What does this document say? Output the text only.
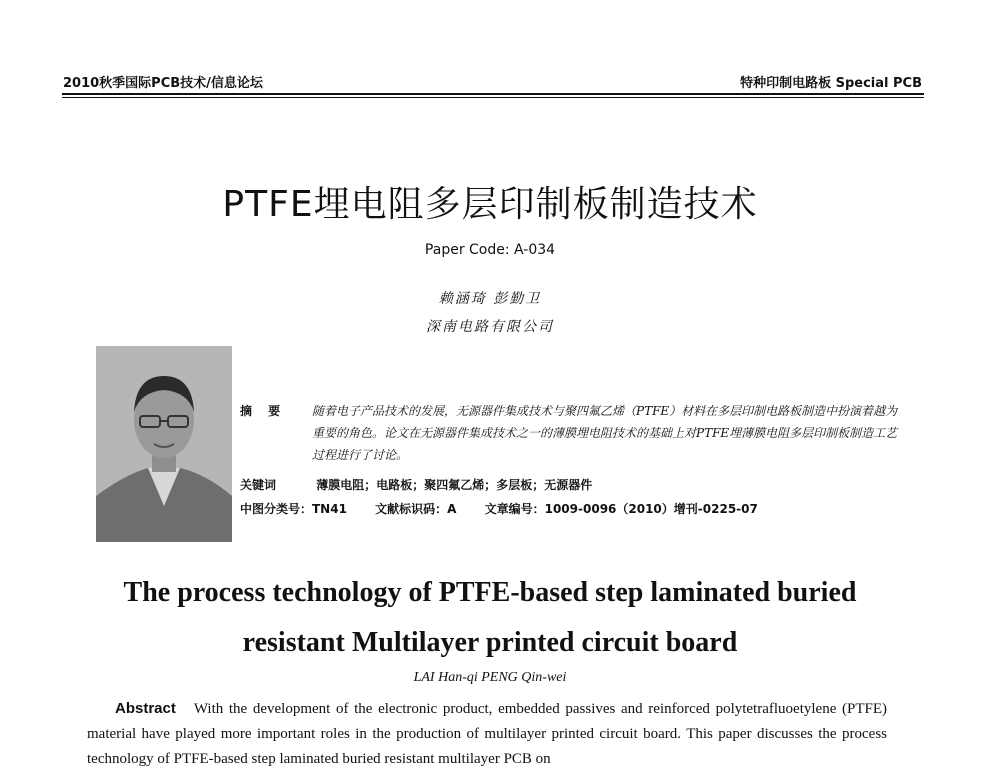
2010秋季国际PCB技术/信息论坛	特种印制电路板 Special PCB
PTFE埋电阻多层印制板制造技术
Paper Code: A-034
赖涵琦 彭勤卫
深南电路有限公司
摘 要	随着电子产品技术的发展，无源器件集成技术与聚四氟乙烯（PTFE）材料在多层印制电路板制造中扮演着越为重要的角色。论文在无源器件集成技术之一的薄膜埋电阻技术的基础上对PTFE埋薄膜电阻多层印制板制造工艺过程进行了讨论。
关键词	薄膜电阻；电路板；聚四氟乙烯；多层板；无源器件
中图分类号：TN41 文献标识码：A 文章编号：1009-0096（2010）增刊-0225-07
The process technology of PTFE-based step laminated buried
resistant Multilayer printed circuit board
LAI Han-qi PENG Qin-wei
Abstract With the development of the electronic product, embedded passives and reinforced polytetrafluoetylene (PTFE) material have played more important roles in the production of multilayer printed circuit board. This paper discusses the process technology of PTFE-based step laminated buried resistant multilayer PCB on
